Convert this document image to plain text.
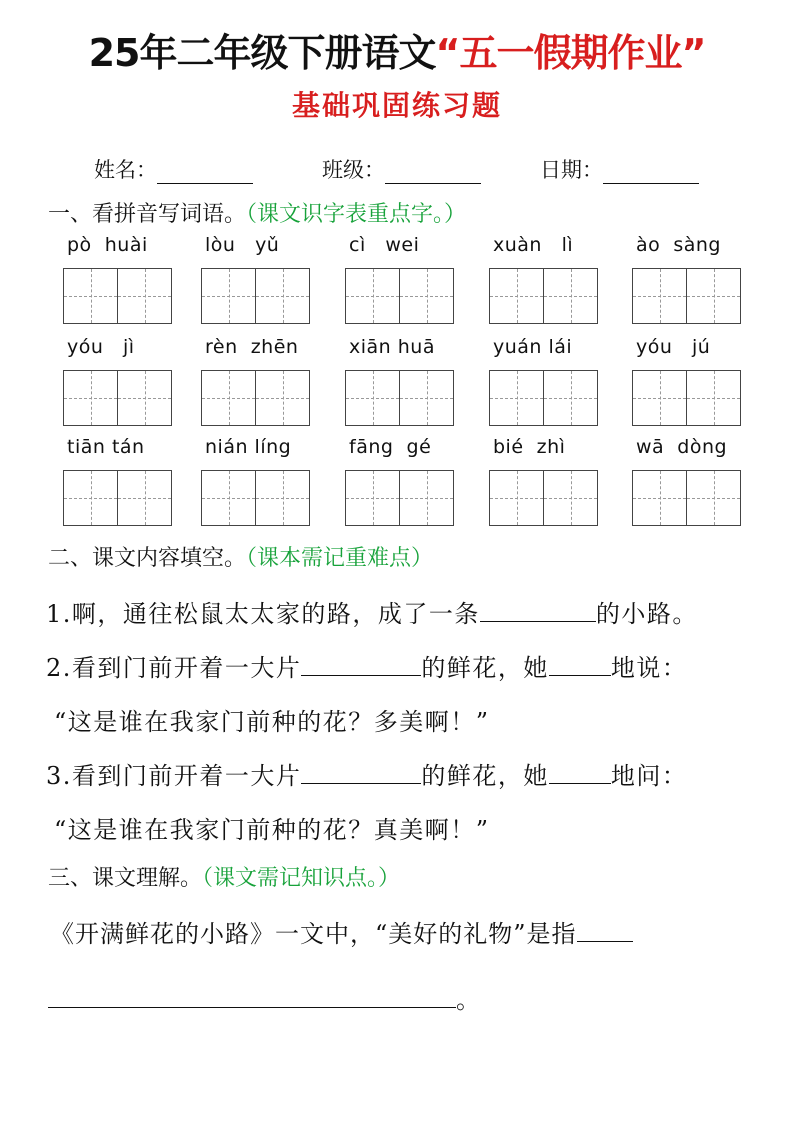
25年二年级下册语文“五一假期作业”
基础巩固练习题
姓名：	班级：	日期：
一、看拼音写词语。（课文识字表重点字。）
pò  huài	lòu   yǔ	cì   wei	xuàn   lì	ào  sàng
yóu   jì	rèn  zhēn	xiān huā	yuán lái	yóu   jú
tiān tán	nián líng	fāng  gé	bié  zhì	wā  dòng
二、课文内容填空。（课本需记重难点）
1.啊，通往松鼠太太家的路，成了一条	的小路。
2.看到门前开着一大片	的鲜花，她	地说：
“这是谁在我家门前种的花？多美啊！”
3.看到门前开着一大片	的鲜花，她	地问：
“这是谁在我家门前种的花？真美啊！”
三、课文理解。（课文需记知识点。）
《开满鲜花的小路》一文中，“美好的礼物”是指
。
